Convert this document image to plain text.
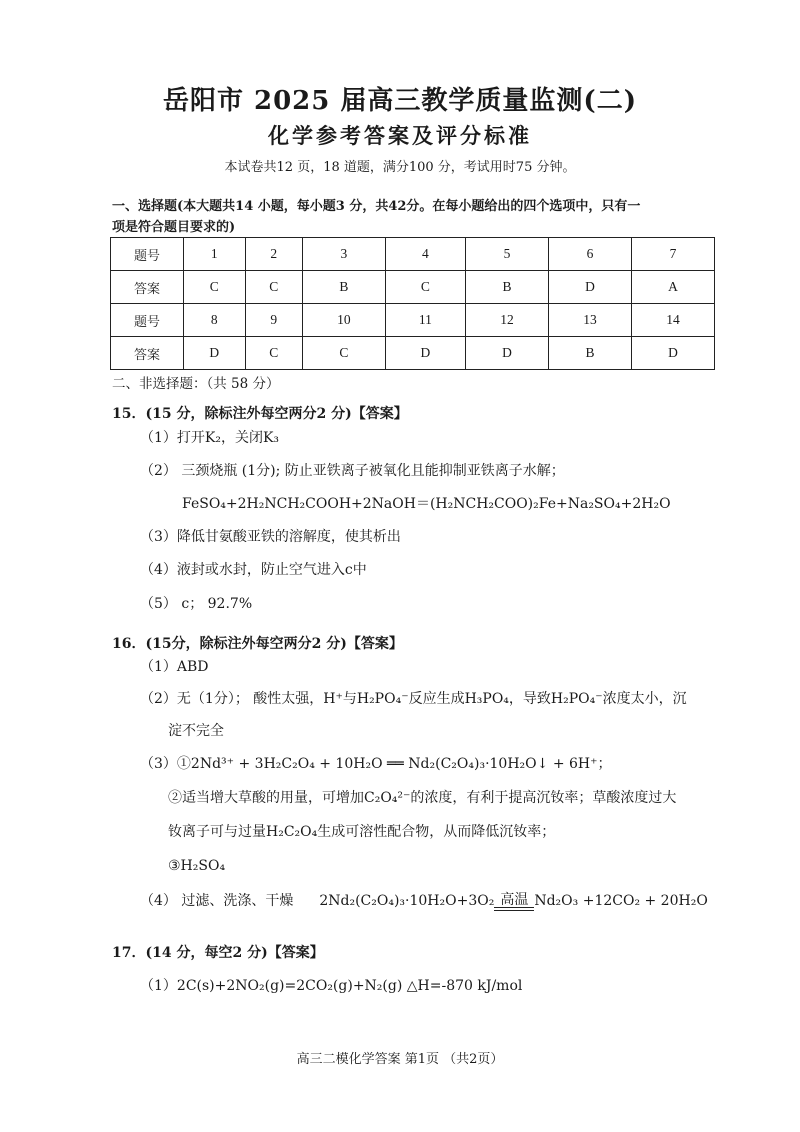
岳阳市 2025 届高三教学质量监测(二)
化学参考答案及评分标准
本试卷共12 页，18 道题，满分100 分，考试用时75 分钟。
一、选择题(本大题共14 小题，每小题3 分，共42分。在每小题给出的四个选项中，只有一
项是符合题目要求的)
题号	1	2	3	4	5	6	7
答案	C	C	B	C	B	D	A
题号	8	9	10	11	12	13	14
答案	D	C	C	D	D	B	D
二、非选择题：（共 58 分）
15．(15 分，除标注外每空两分2 分)【答案】
（1）打开K₂，关闭K₃
（2） 三颈烧瓶 (1分); 防止亚铁离子被氧化且能抑制亚铁离子水解；
FeSO₄+2H₂NCH₂COOH+2NaOH＝(H₂NCH₂COO)₂Fe+Na₂SO₄+2H₂O
（3）降低甘氨酸亚铁的溶解度，使其析出
（4）液封或水封，防止空气进入c中
（5） c； 92.7%
16．(15分，除标注外每空两分2 分)【答案】
（1）ABD
（2）无（1分）； 酸性太强，H⁺与H₂PO₄⁻反应生成H₃PO₄，导致H₂PO₄⁻浓度太小，沉
淀不完全
（3）①2Nd³⁺ + 3H₂C₂O₄ + 10H₂O ══ Nd₂(C₂O₄)₃·10H₂O↓ + 6H⁺；
②适当增大草酸的用量，可增加C₂O₄²⁻的浓度，有利于提高沉钕率；草酸浓度过大
钕离子可与过量H₂C₂O₄生成可溶性配合物，从而降低沉钕率；
③H₂SO₄
（4） 过滤、洗涤、干燥 2Nd₂(C₂O₄)₃·10H₂O+3O₂ 高温 Nd₂O₃ +12CO₂ + 20H₂O
17．(14 分，每空2 分)【答案】
（1）2C(s)+2NO₂(g)=2CO₂(g)+N₂(g) △H=-870 kJ/mol
高三二模化学答案 第1页 （共2页）
